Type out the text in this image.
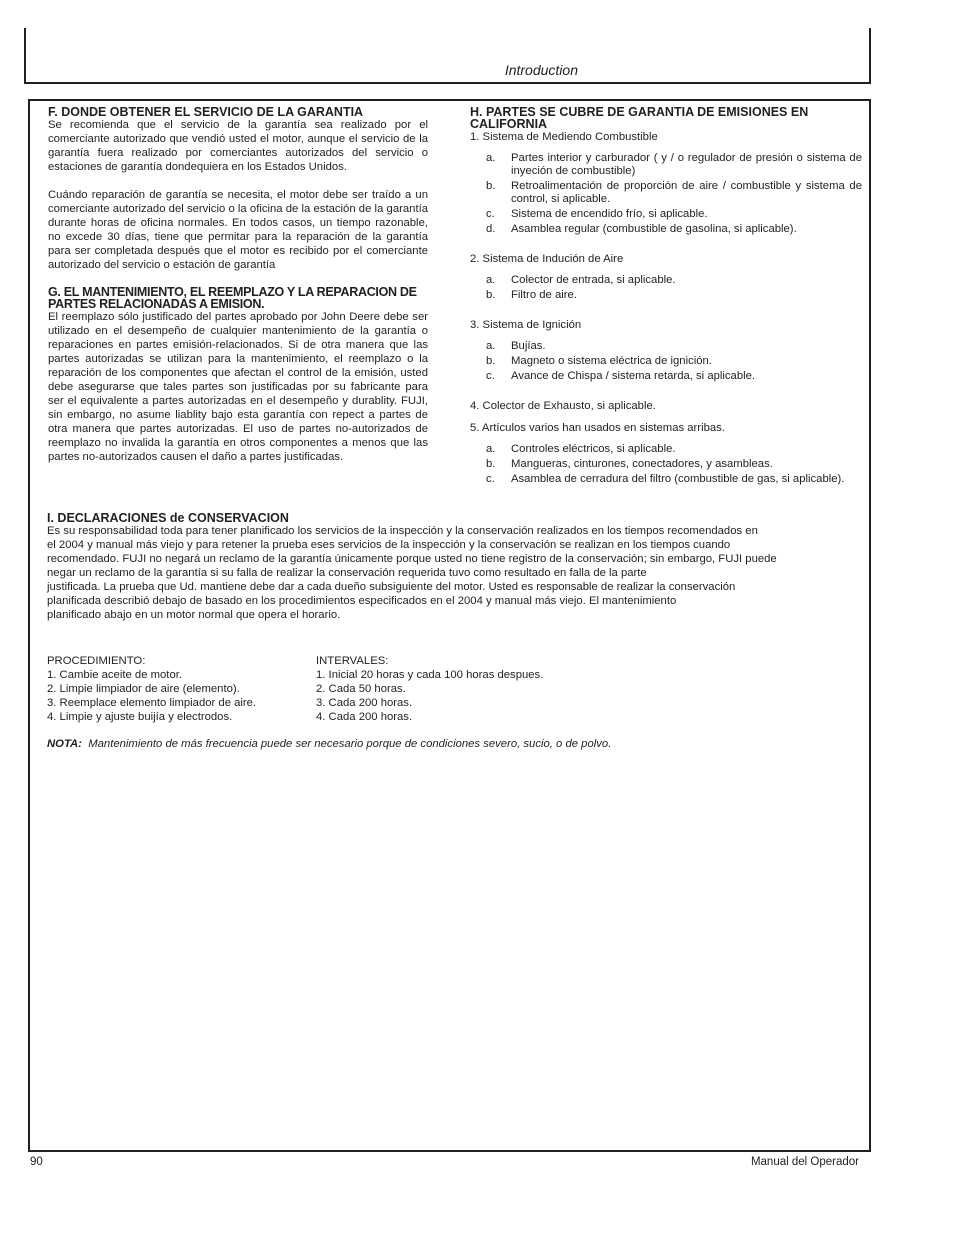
Introduction

F. DONDE OBTENER EL SERVICIO DE LA GARANTIA

Se recomienda que el servicio de la garantía sea realizado por el comerciante autorizado que vendió usted el motor, aunque el servicio de la garantía fuera realizado por comerciantes autorizados del servicio o estaciones de garantía dondequiera en los Estados Unidos.

Cuándo reparación de garantía se necesita, el motor debe ser traído a un comerciante autorizado del servicio o la oficina de la estación de la garantía durante horas de oficina normales. En todos casos, un tiempo razonable, no excede 30 días, tiene que permitar para la reparación de la garantía para ser completada después que el motor es recibido por el comerciante autorizado del servicio o estación de garantía

G. EL MANTENIMIENTO, EL REEMPLAZO Y LA REPARACION DE PARTES RELACIONADAS A EMISION.

El reemplazo sólo justificado del partes aprobado por John Deere debe ser utilizado en el desempeño de cualquier mantenimiento de la garantía o reparaciones en partes emisión-relacionados. Si de otra manera que las partes autorizadas se utilizan para la mantenimiento, el reemplazo o la reparación de los componentes que afectan el control de la emisión, usted debe asegurarse que tales partes son justificadas por su fabricante para ser el equivalente a partes autorizadas en el desempeño y durablity. FUJI, sin embargo, no asume liablity bajo esta garantía con repect a partes de otra manera que partes autorizadas. El uso de partes no-autorizados de reemplazo no invalida la garantía en otros componentes a menos que las partes no-autorizados causen el daño a partes justificadas.

H. PARTES SE CUBRE DE GARANTIA DE EMISIONES EN CALIFORNIA

1. Sistema de Mediendo Combustible

a. Partes interior y carburador ( y / o regulador de presión o sistema de inyeción de combustible)
b. Retroalimentación de proporción de aire / combustible y sistema de control, si aplicable.
c. Sistema de encendido frío, si aplicable.
d. Asamblea regular (combustible de gasolina, si aplicable).

2. Sistema de Indución de Aire

a. Colector de entrada, si aplicable.
b. Filtro de aire.

3. Sistema de Ignición

a. Bujías.
b. Magneto o sistema eléctrica de ignición.
c. Avance de Chispa / sistema retarda, si aplicable.

4. Colector de Exhausto, si aplicable.

5. Artículos varios han usados en sistemas arribas.

a. Controles eléctricos, si aplicable.
b. Mangueras, cinturones, conectadores, y asambleas.
c. Asamblea de cerradura del filtro (combustible de gas, si aplicable).

I. DECLARACIONES de CONSERVACION

Es su responsabilidad toda para tener planificado los servicios de la inspección y la conservación realizados en los tiempos recomendados en
el 2004 y manual más viejo y para retener la prueba eses servicios de la inspección y la conservación se realizan en los tiempos cuando
recomendado. FUJI no negará un reclamo de la garantía únicamente porque usted no tiene registro de la conservación; sin embargo, FUJI puede
negar un reclamo de la garantía si su falla de realizar la conservación requerida tuvo como resultado en falla de la parte
justificada. La prueba que Ud. mantiene debe dar a cada dueño subsiguiente del motor. Usted es responsable de realizar la conservación
planificada describió debajo de basado en los procedimientos especificados en el 2004 y manual más viejo. El mantenimiento
planificado abajo en un motor normal que opera el horario.
PROCEDIMIENTO:
1. Cambie aceite de motor.
2. Limpie limpiador de aire (elemento).
3. Reemplace elemento limpiador de aire.
4. Limpie y ajuste buijía y electrodos.
INTERVALES:
1. Inicial 20 horas y cada 100 horas despues.
2. Cada 50 horas.
3. Cada 200 horas.
4. Cada 200 horas.
NOTA: Mantenimiento de más frecuencia puede ser necesario porque de condiciones severo, sucio, o de polvo.
90	Manual del Operador
